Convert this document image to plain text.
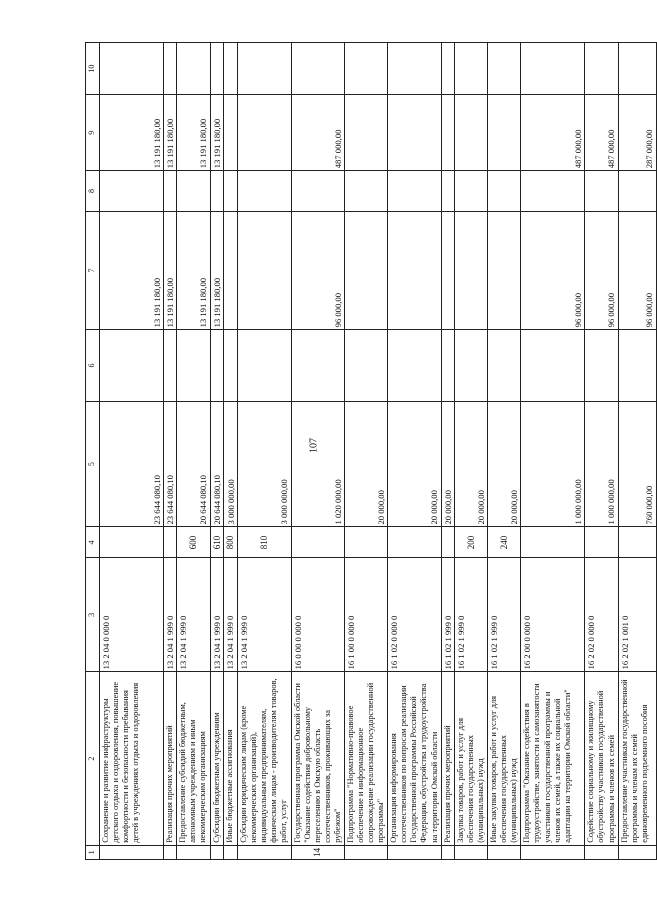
107
1	2	3	4	5	6	7	8	9	10
	Сохранение и развитие инфраструктуры детского отдыха и оздоровления, повышение комфортности и безопасности пребывания детей в учреждениях отдыха и оздоровления	13 2 04 0 000 0		23 644 080,10		13 191 180,00		13 191 180,00	
	Реализация прочих мероприятий	13 2 04 1 999 0		23 644 080,10		13 191 180,00		13 191 180,00	
	Предоставление субсидий бюджетным, автономным учреждениям и иным некоммерческим организациям	13 2 04 1 999 0	600	20 644 080,10		13 191 180,00		13 191 180,00	
	Субсидии бюджетным учреждениям	13 2 04 1 999 0	610	20 644 080,10		13 191 180,00		13 191 180,00	
	Иные бюджетные ассигнования	13 2 04 1 999 0	800	3 000 000,00					
	Субсидии юридическим лицам (кроме некоммерческих организаций), индивидуальным предпринимателям, физическим лицам - производителям товаров, работ, услуг	13 2 04 1 999 0	810	3 000 000,00					
14	Государственная программа Омской области "Оказание содействия добровольному переселению в Омскую область соотечественников, проживающих за рубежом"	16 0 00 0 000 0		1 020 000,00		96 000,00		487 000,00	
	Подпрограмма "Нормативно-правовое обеспечение и информационное сопровождение реализации государственной программы"	16 1 00 0 000 0		20 000,00					
	Организация информирования соотечественников по вопросам реализации Государственной программы Российской Федерации, обустройства и трудоустройства на территории Омской области	16 1 02 0 000 0		20 000,00					
	Реализация прочих мероприятий	16 1 02 1 999 0		20 000,00					
	Закупка товаров, работ и услуг для обеспечения государственных (муниципальных) нужд	16 1 02 1 999 0	200	20 000,00					
	Иные закупки товаров, работ и услуг для обеспечения государственных (муниципальных) нужд	16 1 02 1 999 0	240	20 000,00					
	Подпрограмма "Оказание содействия в трудоустройстве, занятости и самозанятости участников государственной программы и членов их семей, а также их социальной адаптации на территории Омской области"	16 2 00 0 000 0		1 000 000,00		96 000,00		487 000,00	
	Содействие социальному и жилищному обустройству участников государственной программы и членов их семей	16 2 02 0 000 0		1 000 000,00		96 000,00		487 000,00	
	Предоставление участникам государственной программы и членам их семей единовременного подъемного пособия	16 2 02 1 001 0		760 000,00		96 000,00		287 000,00	
